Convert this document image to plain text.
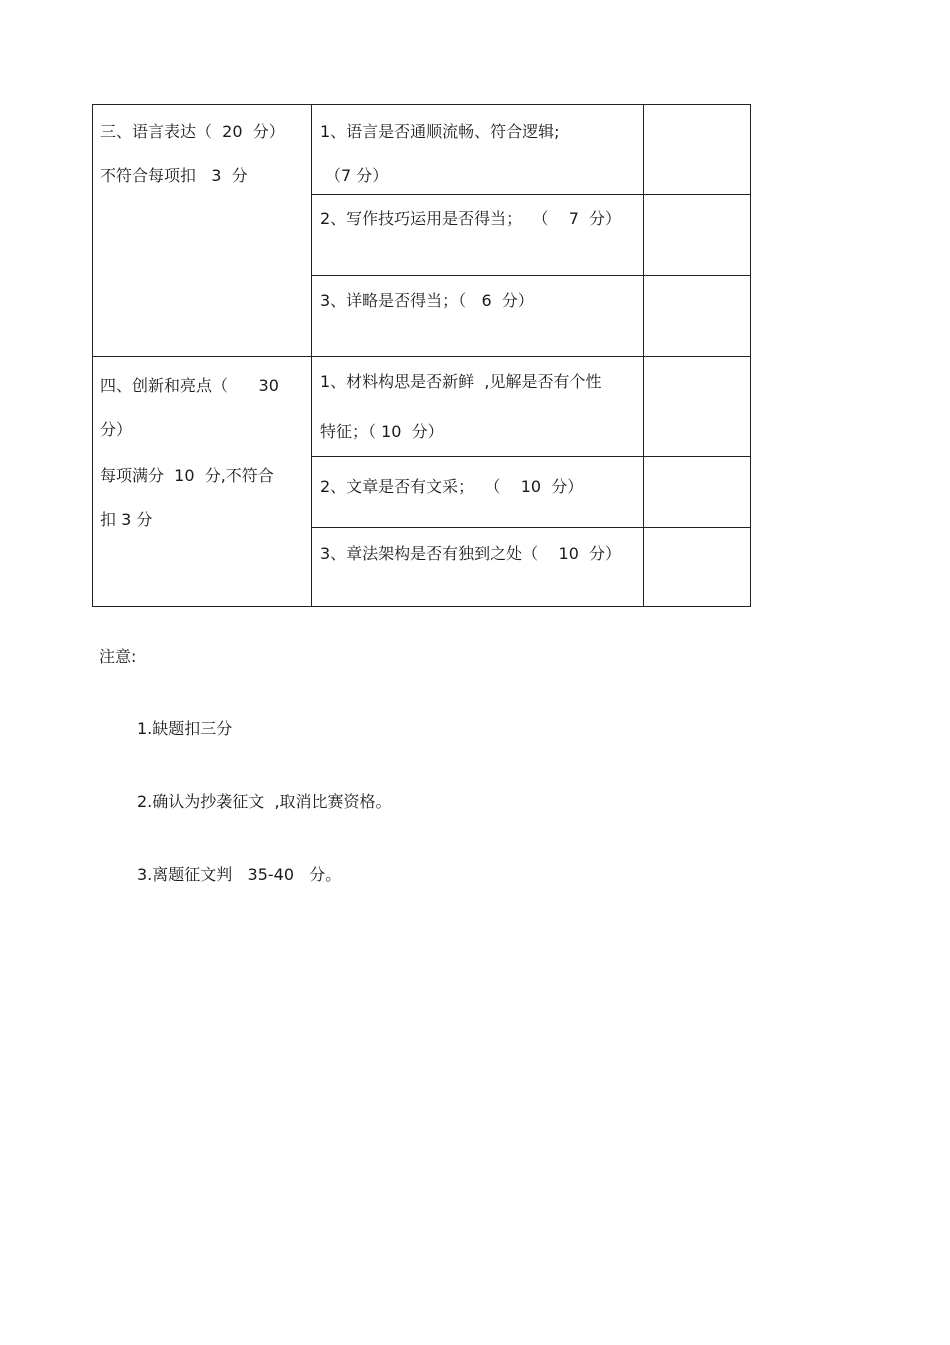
三、语言表达（  20  分）
不符合每项扣   3  分
1、语言是否通顺流畅、符合逻辑;
（7 分）
2、写作技巧运用是否得当；  （    7  分）
3、详略是否得当；（   6  分）
四、创新和亮点（      30
分）
每项满分  10  分,不符合
扣 3 分
1、材料构思是否新鲜  ,见解是否有个性
特征；（ 10  分）
2、文章是否有文采；  （    10  分）
3、章法架构是否有独到之处（    10  分）
注意:
1.缺题扣三分
2.确认为抄袭征文  ,取消比赛资格。
3.离题征文判   35-40   分。
